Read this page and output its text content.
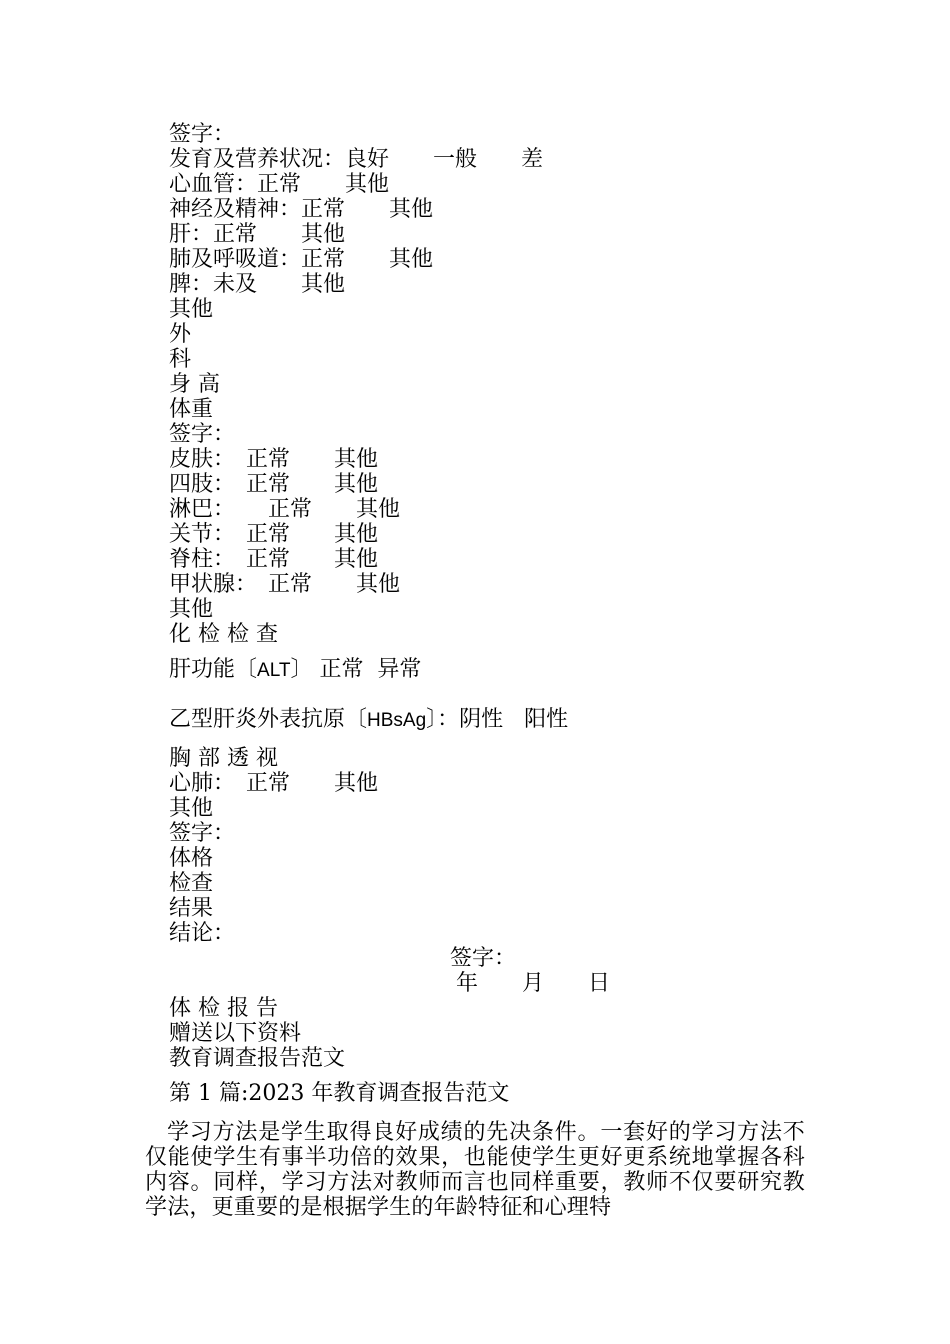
签字：
发育及营养状况：良好　　一般　　差
心血管：正常　　其他
神经及精神：正常　　其他
肝：正常　　其他
肺及呼吸道：正常　　其他
脾：未及　　其他
其他
外
科
身 高
体重
签字：
皮肤：　正常　　其他
四肢：　正常　　其他
淋巴：　　正常　　其他
关节：　正常　　其他
脊柱：　正常　　其他
甲状腺：　正常　　其他
其他
化 检 检 查
肝功能〔ALT〕 正常  异常
乙型肝炎外表抗原〔HBsAg〕：阴性   阳性
胸 部 透 视
心肺：　正常　　其他
其他
签字：
体格
检查
结果
结论：
签字：
年　　月　　日
体 检 报 告
赠送以下资料
教育调查报告范文
第 1 篇:2023 年教育调查报告范文
学习方法是学生取得良好成绩的先决条件。一套好的学习方法不仅能使学生有事半功倍的效果，也能使学生更好更系统地掌握各科内容。同样，学习方法对教师而言也同样重要，教师不仅要研究教学法，更重要的是根据学生的年龄特征和心理特
